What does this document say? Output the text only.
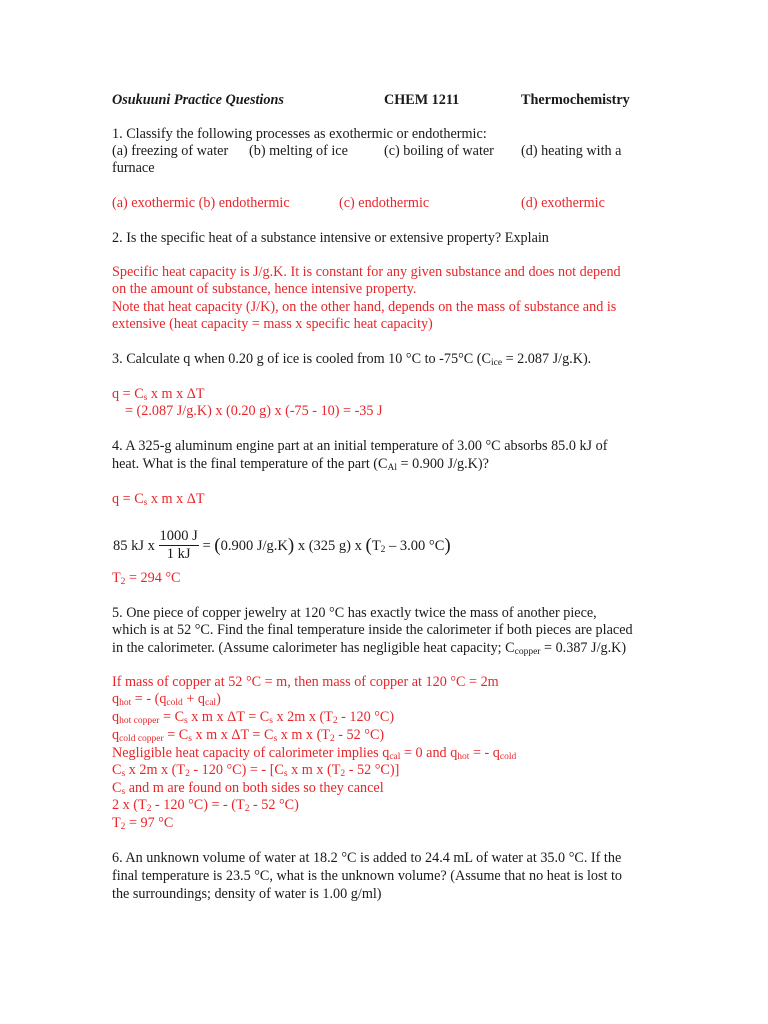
Osukuuni Practice Questions	CHEM 1211	Thermochemistry
1. Classify the following processes as exothermic or endothermic:
(a) freezing of water (b) melting of ice	(c) boiling of water (d) heating with a
furnace
(a) exothermic (b) endothermic	(c) endothermic	(d) exothermic
2. Is the specific heat of a substance intensive or extensive property? Explain
Specific heat capacity is J/g.K. It is constant for any given substance and does not depend
on the amount of substance, hence intensive property.
Note that heat capacity (J/K), on the other hand, depends on the mass of substance and is
extensive (heat capacity = mass x specific heat capacity)
3. Calculate q when 0.20 g of ice is cooled from 10 °C to -75°C ($C_{ice} = 2.087$ J/g.K).
$q = C_s$ x m x ΔT
= (2.087 J/g.K) x (0.20 g) x (-75 - 10) = -35 J
4. A 325-g aluminum engine part at an initial temperature of 3.00 °C absorbs 85.0 kJ of
heat. What is the final temperature of the part ($C_{Al} = 0.900$ J/g.K)?
$q = C_s$ x m x ΔT
85 kJ x $\frac{1000 J}{1 kJ} = (0.900$ J/g.K) x (325 g) x ($T_2 - 3.00$ °C)
$T_2 = 294$ °C
5. One piece of copper jewelry at 120 °C has exactly twice the mass of another piece,
which is at 52 °C. Find the final temperature inside the calorimeter if both pieces are placed
in the calorimeter. (Assume calorimeter has negligible heat capacity; $C_{copper} = 0.387$ J/g.K)
If mass of copper at 52 °C = m, then mass of copper at 120 °C = 2m
$q_{hot}$ = - $(q_{cold} + q_{cal})$
$q_{hot copper} = C_s$ x m x $\Delta T = C_s$ x 2m x ($T_2 - 120$ °C)
$q_{cold copper} = C_s$ x m x $\Delta T = C_s$ x m x ($T_2 - 52$ °C)
Negligible heat capacity of calorimeter implies $q_{cal} = 0$ and $q_{hot}$ = - $q_{cold}$
$C_s$ x 2m x ($T_2 - 120$ °C) = - [$C_s$ x m x ($T_2 - 52$ °C)]
$C_s$ and m are found on both sides so they cancel
2 x ($T_2 - 120$ °C) = - ($T_2 - 52$ °C)
$T_2 = 97$ °C
6. An unknown volume of water at 18.2 °C is added to 24.4 mL of water at 35.0 °C. If the
final temperature is 23.5 °C, what is the unknown volume? (Assume that no heat is lost to
the surroundings; density of water is 1.00 g/ml)
